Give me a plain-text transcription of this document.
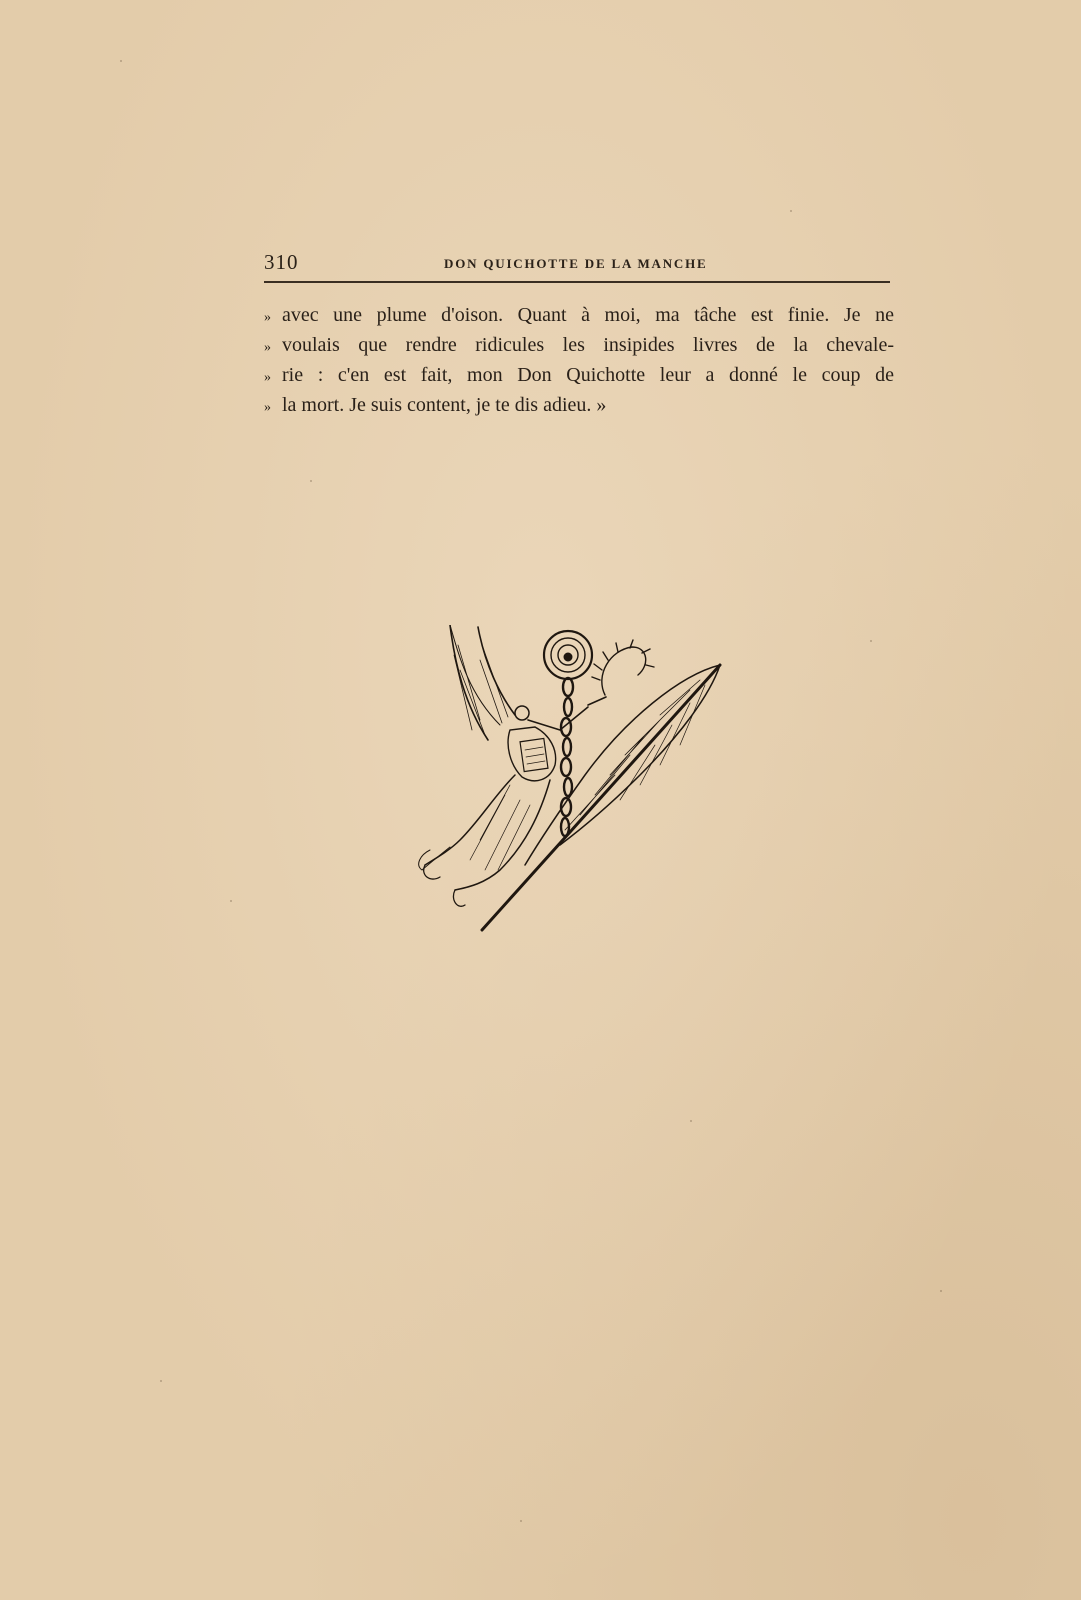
310	DON QUICHOTTE DE LA MANCHE
» avec une plume d'oison. Quant à moi, ma tâche est finie. Je ne
» voulais que rendre ridicules les insipides livres de la chevale-
» rie : c'en est fait, mon Don Quichotte leur a donné le coup de
» la mort. Je suis content, je te dis adieu. »
